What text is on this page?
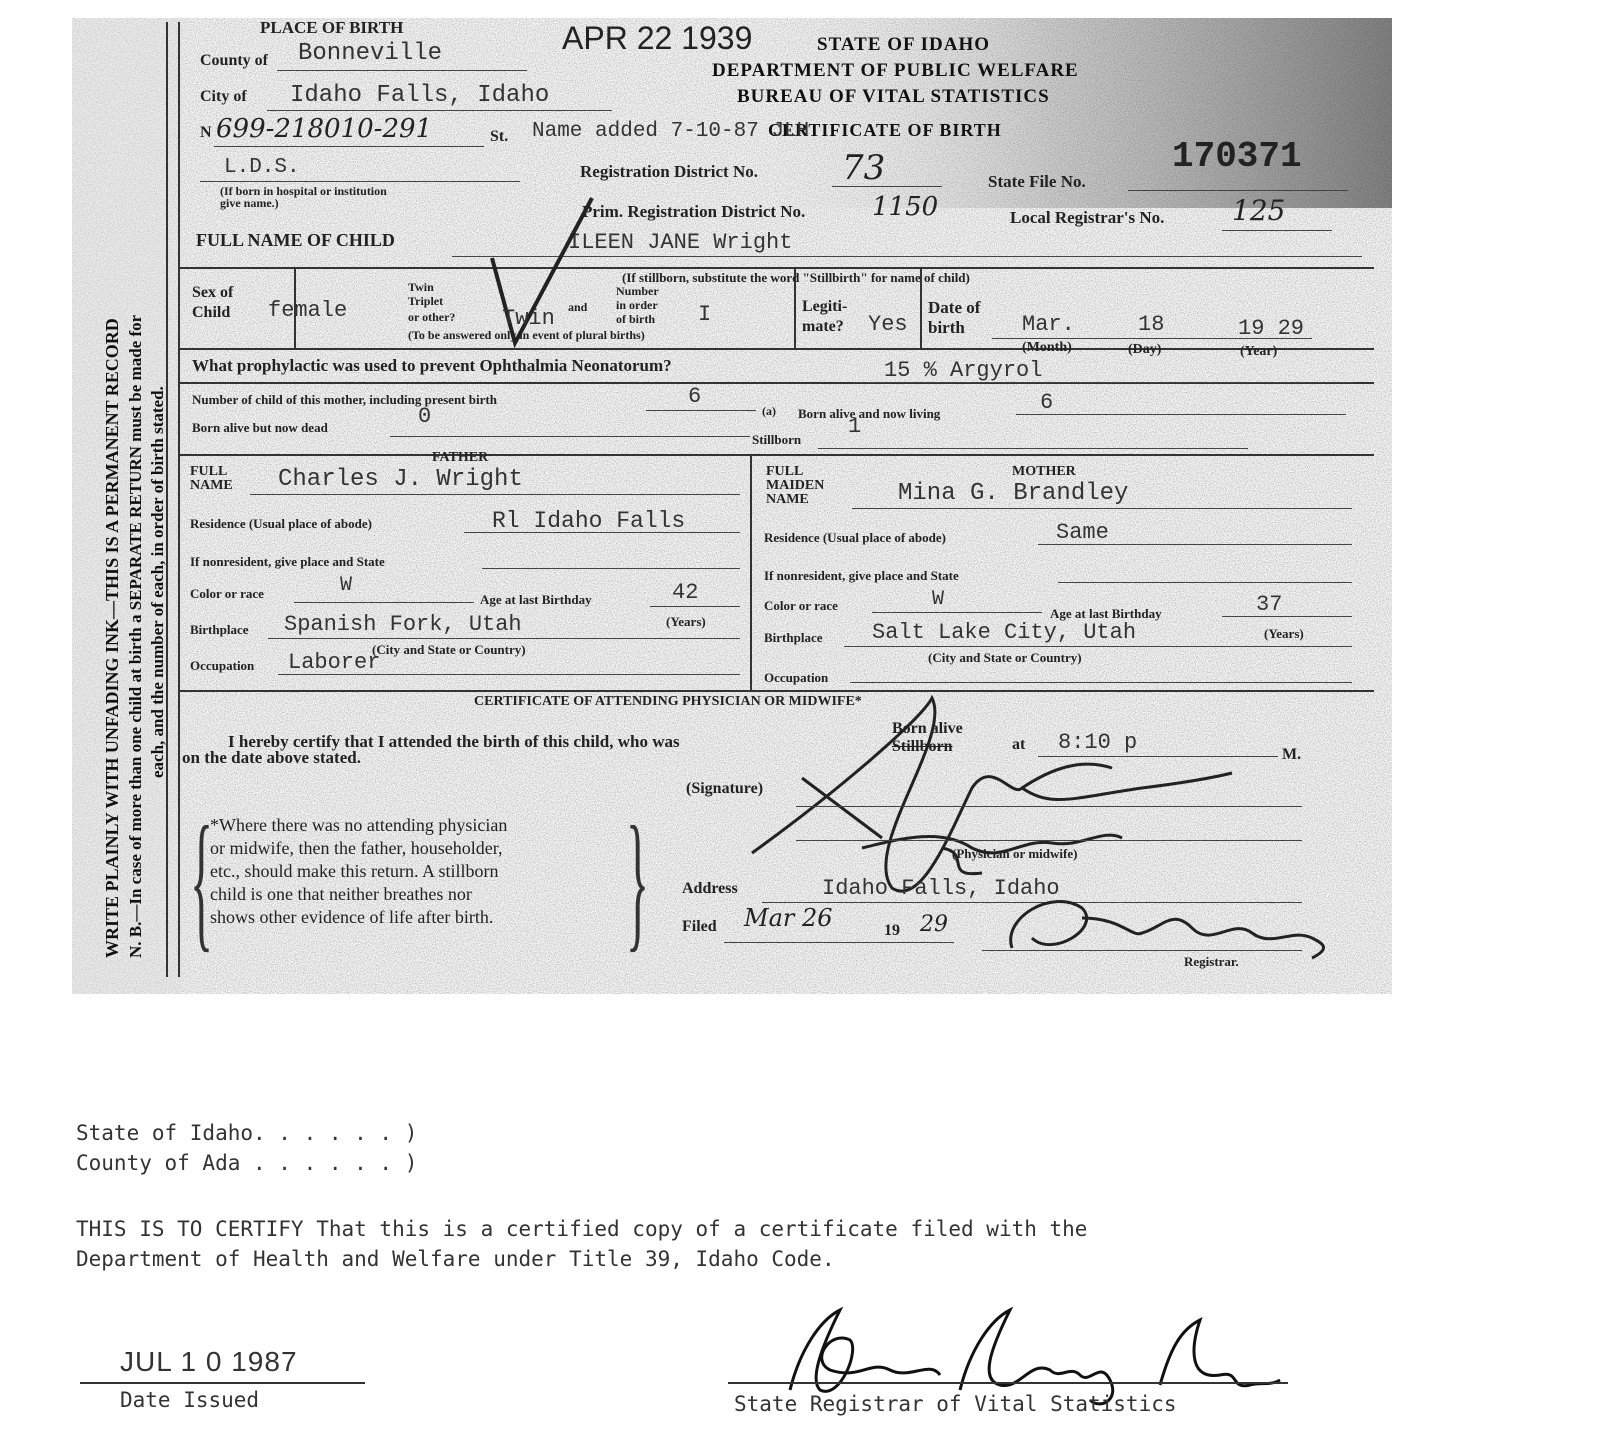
WRITE PLAINLY WITH UNFADING INK—THIS IS A PERMANENT RECORD N. B.—In case of more than one child at birth a SEPARATE RETURN must be made for each, and the number of each, in order of birth stated.
PLACE OF BIRTH	APR 22 1939	STATE OF IDAHO
DEPARTMENT OF PUBLIC WELFARE
BUREAU OF VITAL STATISTICS
CERTIFICATE OF BIRTH
County of Bonneville
City of Idaho Falls, Idaho
N 699-218010-291	St. Name added 7-10-87 JLH
L.D.S.
(If born in hospital or institution
give name.)
Registration District No. 73	State File No.
170371
Prim. Registration District No.	1150	Local Registrar's No. 125
FULL NAME OF CHILD	ILEEN JANE Wright
(If stillborn, substitute the word "Stillbirth" for name of child)
Sex of
Child female
Twin
Triplet
or other? Twin and
Number
in order
of birth I
(To be answered only in event of plural births)
Legiti-
mate? Yes
Date of
birth	Mar.	18	19 29
(Month)	(Day)	(Year)
What prophylactic was used to prevent Ophthalmia Neonatorum?	15 % Argyrol
Number of child of this mother, including present birth	6
(a) Born alive and now living	6
Born alive but now dead	0
Stillborn
1
FATHER
FULL
NAME Charles J. Wright
Residence (Usual place of abode)	Rl Idaho Falls
If nonresident, give place and State
Color or race	W
Age at last Birthday	42
(Years)
Birthplace Spanish Fork, Utah
(City and State or Country)
Occupation Laborer
MOTHER
FULL
MAIDEN
NAME	Mina G. Brandley
Residence (Usual place of abode)	Same
If nonresident, give place and State
Color or race	W
Age at last Birthday	37
Birthplace Salt Lake City, Utah	(Years)
(City and State or Country)
Occupation
CERTIFICATE OF ATTENDING PHYSICIAN OR MIDWIFE*
I hereby certify that I attended the birth of this child, who was
Born alive
Stillborn	at 8:10 p	M.
on the date above stated.
(Signature)
(Physician or midwife)
Address	Idaho Falls, Idaho
Filed Mar 26	19 29
Registrar.
{
*Where there was no attending physician
or midwife, then the father, householder,
etc., should make this return. A stillborn
child is one that neither breathes nor
shows other evidence of life after birth.	}
State of Idaho. . . . . . )
County of Ada . . . . . . )
THIS IS TO CERTIFY That this is a certified copy of a certificate filed with the
Department of Health and Welfare under Title 39, Idaho Code.
JUL 1 0 1987
Date Issued	State Registrar of Vital Statistics
